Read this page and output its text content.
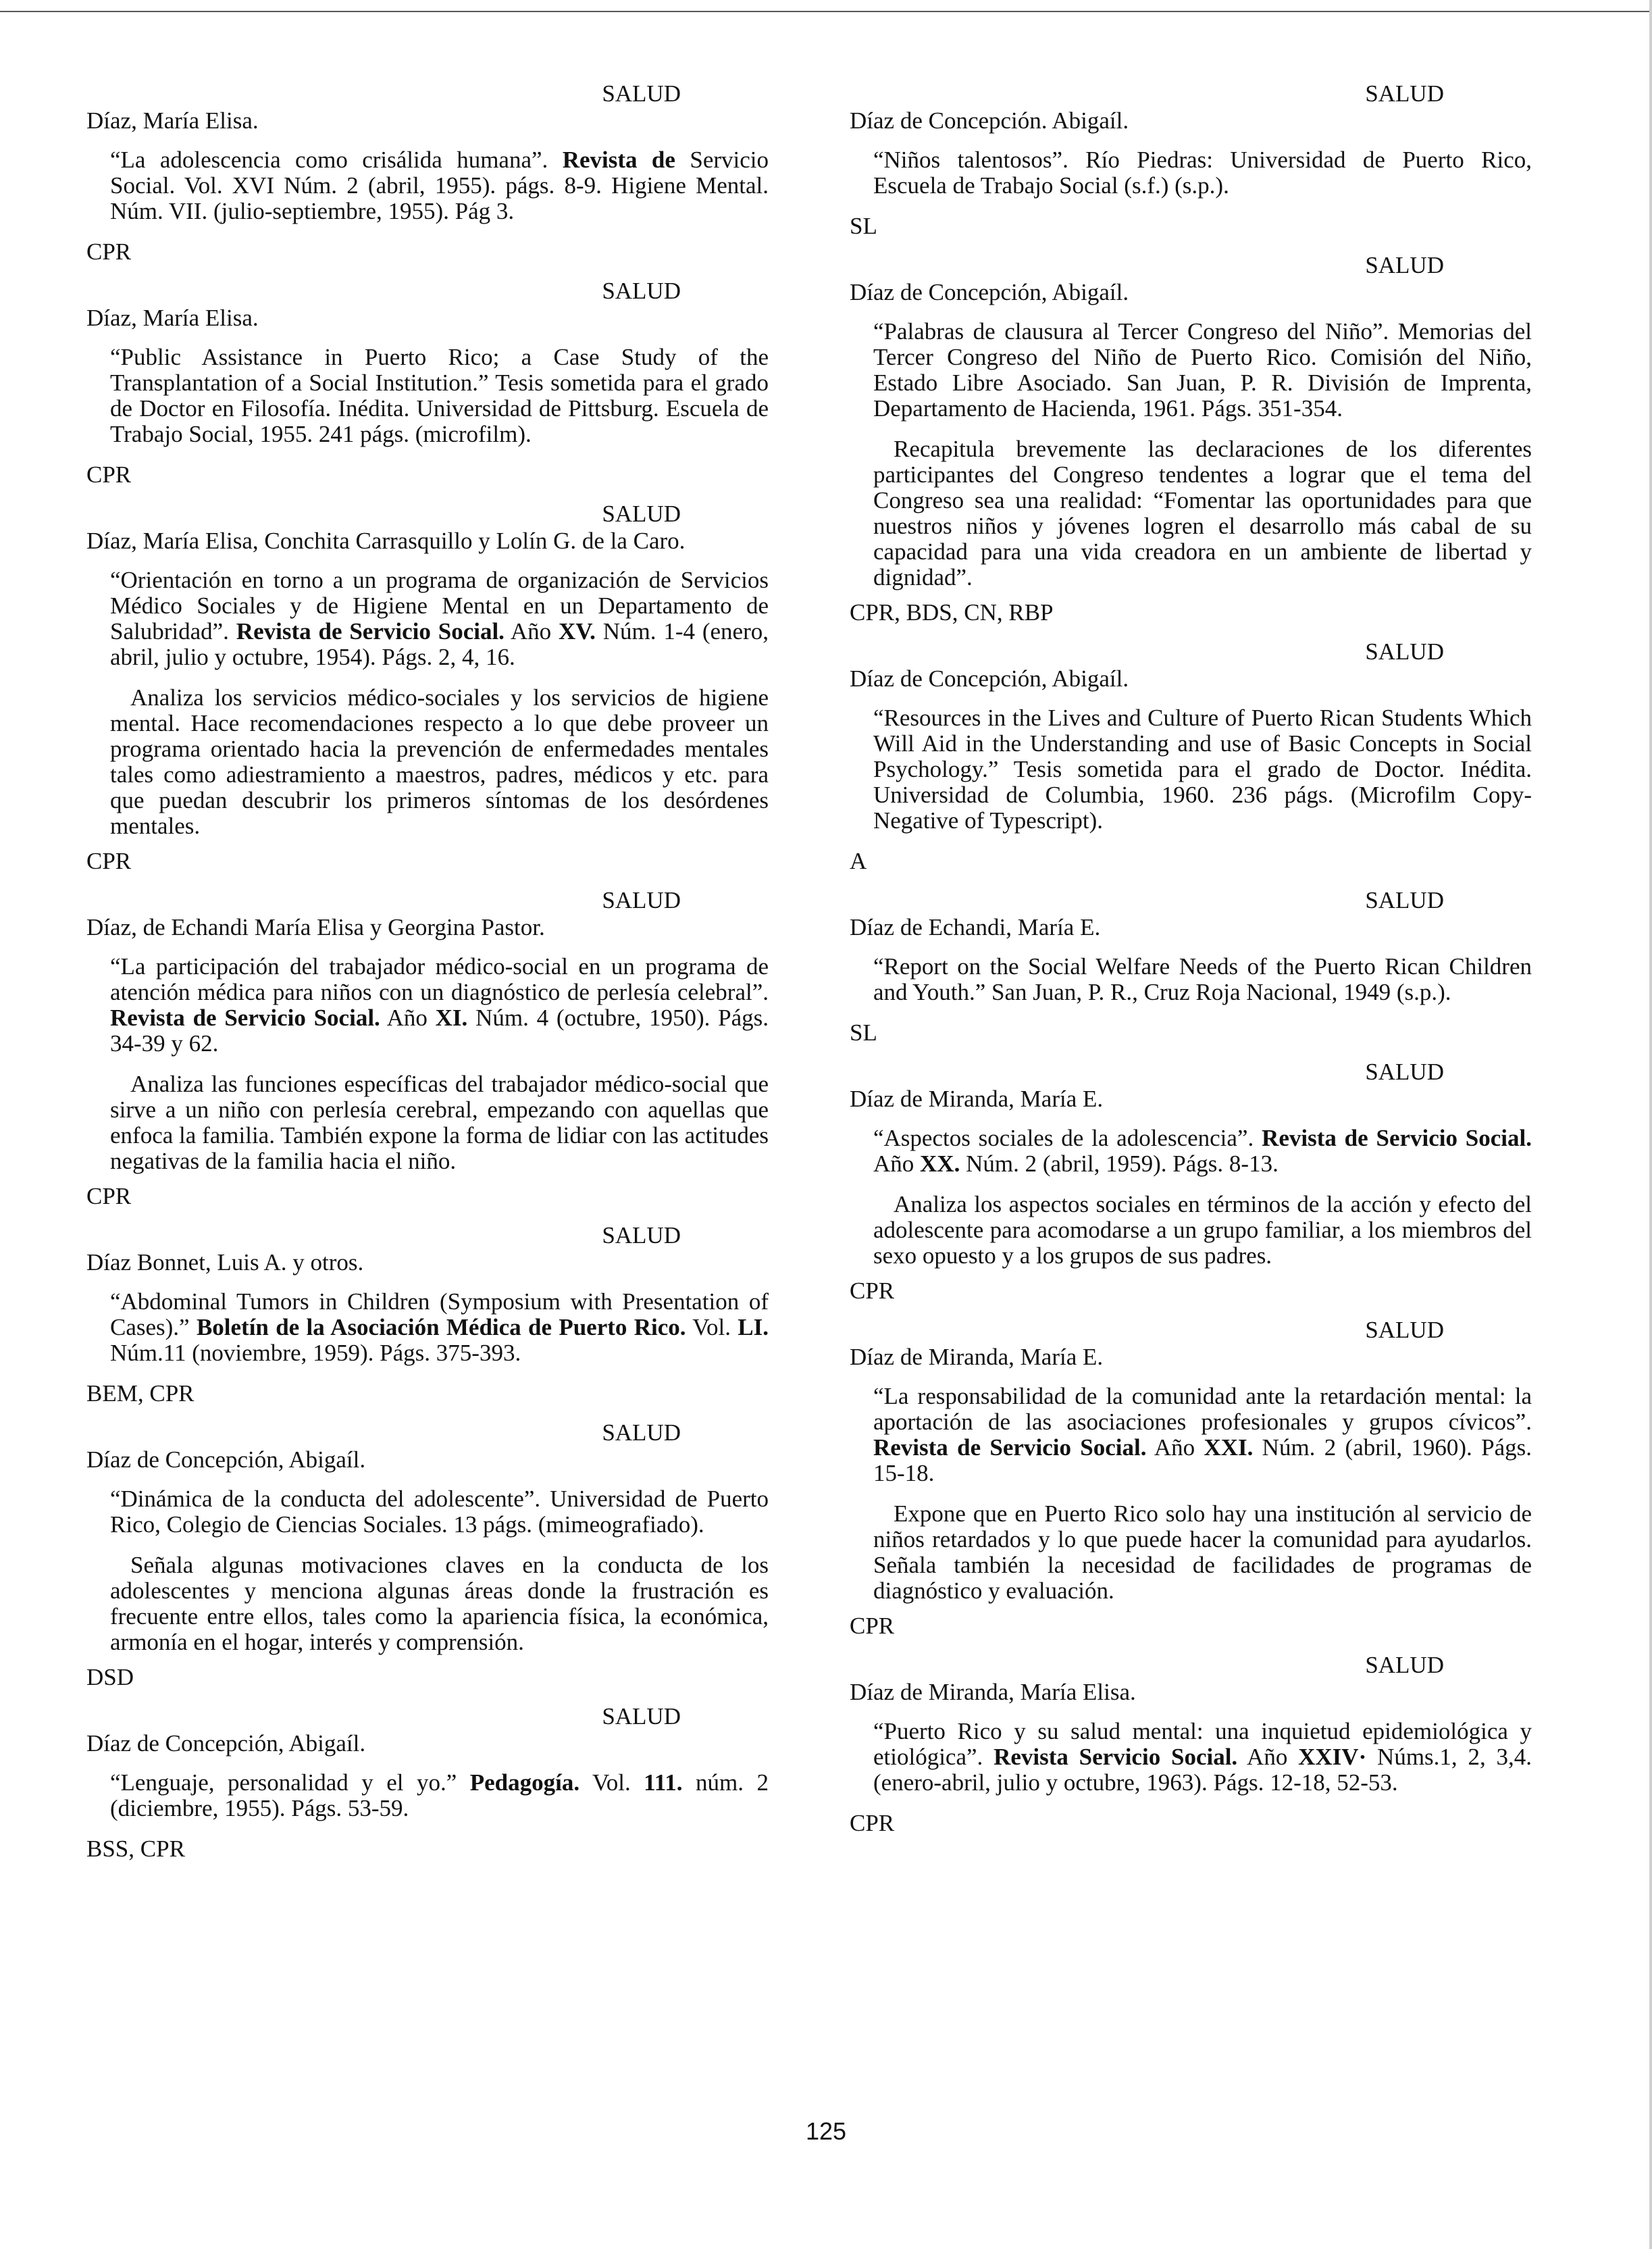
SALUD
Díaz, María Elisa.
“La adolescencia como crisálida humana”. Revista de Servicio Social. Vol. XVI Núm. 2 (abril, 1955). págs. 8-9. Higiene Mental. Núm. VII. (julio-septiembre, 1955). Pág 3.
CPR
SALUD
Díaz, María Elisa.
“Public Assistance in Puerto Rico; a Case Study of the Transplantation of a Social Institution.” Tesis sometida para el grado de Doctor en Filosofía. Inédita. Universidad de Pittsburg. Escuela de Trabajo Social, 1955. 241 págs. (microfilm).
CPR
SALUD
Díaz, María Elisa, Conchita Carrasquillo y Lolín G. de la Caro.
“Orientación en torno a un programa de organización de Servicios Médico Sociales y de Higiene Mental en un Departamento de Salubridad”. Revista de Servicio Social. Año XV. Núm. 1-4 (enero, abril, julio y octubre, 1954). Págs. 2, 4, 16.
Analiza los servicios médico-sociales y los servicios de higiene mental. Hace recomendaciones respecto a lo que debe proveer un programa orientado hacia la prevención de enfermedades mentales tales como adiestramiento a maestros, padres, médicos y etc. para que puedan descubrir los primeros síntomas de los desórdenes mentales.
CPR
SALUD
Díaz, de Echandi María Elisa y Georgina Pastor.
“La participación del trabajador médico-social en un programa de atención médica para niños con un diagnóstico de perlesía celebral”. Revista de Servicio Social. Año XI. Núm. 4 (octubre, 1950). Págs. 34-39 y 62.
Analiza las funciones específicas del trabajador médico-social que sirve a un niño con perlesía cerebral, empezando con aquellas que enfoca la familia. También expone la forma de lidiar con las actitudes negativas de la familia hacia el niño.
CPR
SALUD
Díaz Bonnet, Luis A. y otros.
“Abdominal Tumors in Children (Symposium with Presentation of Cases).” Boletín de la Asociación Médica de Puerto Rico. Vol. LI. Núm.11 (noviembre, 1959). Págs. 375-393.
BEM, CPR
SALUD
Díaz de Concepción, Abigaíl.
“Dinámica de la conducta del adolescente”. Universidad de Puerto Rico, Colegio de Ciencias Sociales. 13 págs. (mimeografiado).
Señala algunas motivaciones claves en la conducta de los adolescentes y menciona algunas áreas donde la frustración es frecuente entre ellos, tales como la apariencia física, la económica, armonía en el hogar, interés y comprensión.
DSD
SALUD
Díaz de Concepción, Abigaíl.
“Lenguaje, personalidad y el yo.” Pedagogía. Vol. 111. núm. 2 (diciembre, 1955). Págs. 53-59.
BSS, CPR
SALUD
Díaz de Concepción. Abigaíl.
“Niños talentosos”. Río Piedras: Universidad de Puerto Rico, Escuela de Trabajo Social (s.f.) (s.p.).
SL
SALUD
Díaz de Concepción, Abigaíl.
“Palabras de clausura al Tercer Congreso del Niño”. Memorias del Tercer Congreso del Niño de Puerto Rico. Comisión del Niño, Estado Libre Asociado. San Juan, P. R. División de Imprenta, Departamento de Hacienda, 1961. Págs. 351-354.
Recapitula brevemente las declaraciones de los diferentes participantes del Congreso tendentes a lograr que el tema del Congreso sea una realidad: “Fomentar las oportunidades para que nuestros niños y jóvenes logren el desarrollo más cabal de su capacidad para una vida creadora en un ambiente de libertad y dignidad”.
CPR, BDS, CN, RBP
SALUD
Díaz de Concepción, Abigaíl.
“Resources in the Lives and Culture of Puerto Rican Students Which Will Aid in the Understanding and use of Basic Concepts in Social Psychology.” Tesis sometida para el grado de Doctor. Inédita. Universidad de Columbia, 1960. 236 págs. (Microfilm Copy-Negative of Typescript).
A
SALUD
Díaz de Echandi, María E.
“Report on the Social Welfare Needs of the Puerto Rican Children and Youth.” San Juan, P. R., Cruz Roja Nacional, 1949 (s.p.).
SL
SALUD
Díaz de Miranda, María E.
“Aspectos sociales de la adolescencia”. Revista de Servicio Social. Año XX. Núm. 2 (abril, 1959). Págs. 8-13.
Analiza los aspectos sociales en términos de la acción y efecto del adolescente para acomodarse a un grupo familiar, a los miembros del sexo opuesto y a los grupos de sus padres.
CPR
SALUD
Díaz de Miranda, María E.
“La responsabilidad de la comunidad ante la retardación mental: la aportación de las asociaciones profesionales y grupos cívicos”. Revista de Servicio Social. Año XXI. Núm. 2 (abril, 1960). Págs. 15-18.
Expone que en Puerto Rico solo hay una institución al servicio de niños retardados y lo que puede hacer la comunidad para ayudarlos. Señala también la necesidad de facilidades de programas de diagnóstico y evaluación.
CPR
SALUD
Díaz de Miranda, María Elisa.
“Puerto Rico y su salud mental: una inquietud epidemiológica y etiológica”. Revista Servicio Social. Año XXIV· Núms.1, 2, 3,4. (enero-abril, julio y octubre, 1963). Págs. 12-18, 52-53.
CPR
125
